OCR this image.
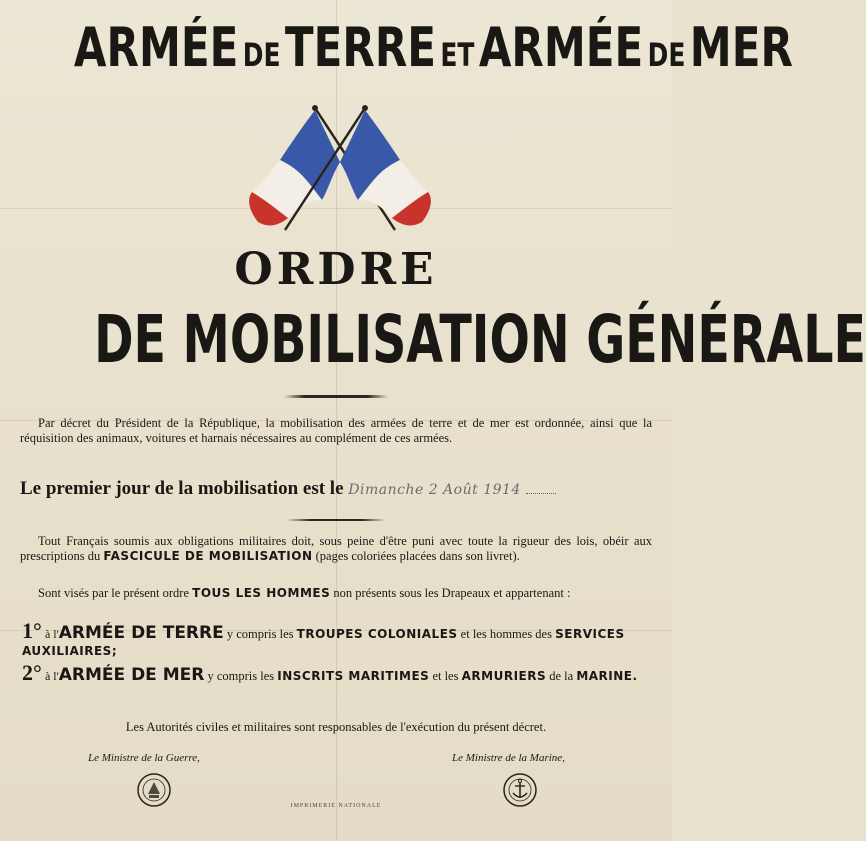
ARMÉE DE TERRE ET ARMÉE DE MER
ORDRE
DE MOBILISATION GÉNÉRALE
Par décret du Président de la République, la mobilisation des armées de terre et de mer est ordonnée, ainsi que la réquisition des animaux, voitures et harnais nécessaires au complément de ces armées.
Le premier jour de la mobilisation est le Dimanche 2 Août 1914
Tout Français soumis aux obligations militaires doit, sous peine d'être puni avec toute la rigueur des lois, obéir aux prescriptions du FASCICULE DE MOBILISATION (pages coloriées placées dans son livret).
Sont visés par le présent ordre TOUS LES HOMMES non présents sous les Drapeaux et appartenant :
1° à l'ARMÉE DE TERRE y compris les TROUPES COLONIALES et les hommes des SERVICES AUXILIAIRES;
2° à l'ARMÉE DE MER y compris les INSCRITS MARITIMES et les ARMURIERS de la MARINE.
Les Autorités civiles et militaires sont responsables de l'exécution du présent décret.
Le Ministre de la Guerre,	Le Ministre de la Marine,
IMPRIMERIE NATIONALE
